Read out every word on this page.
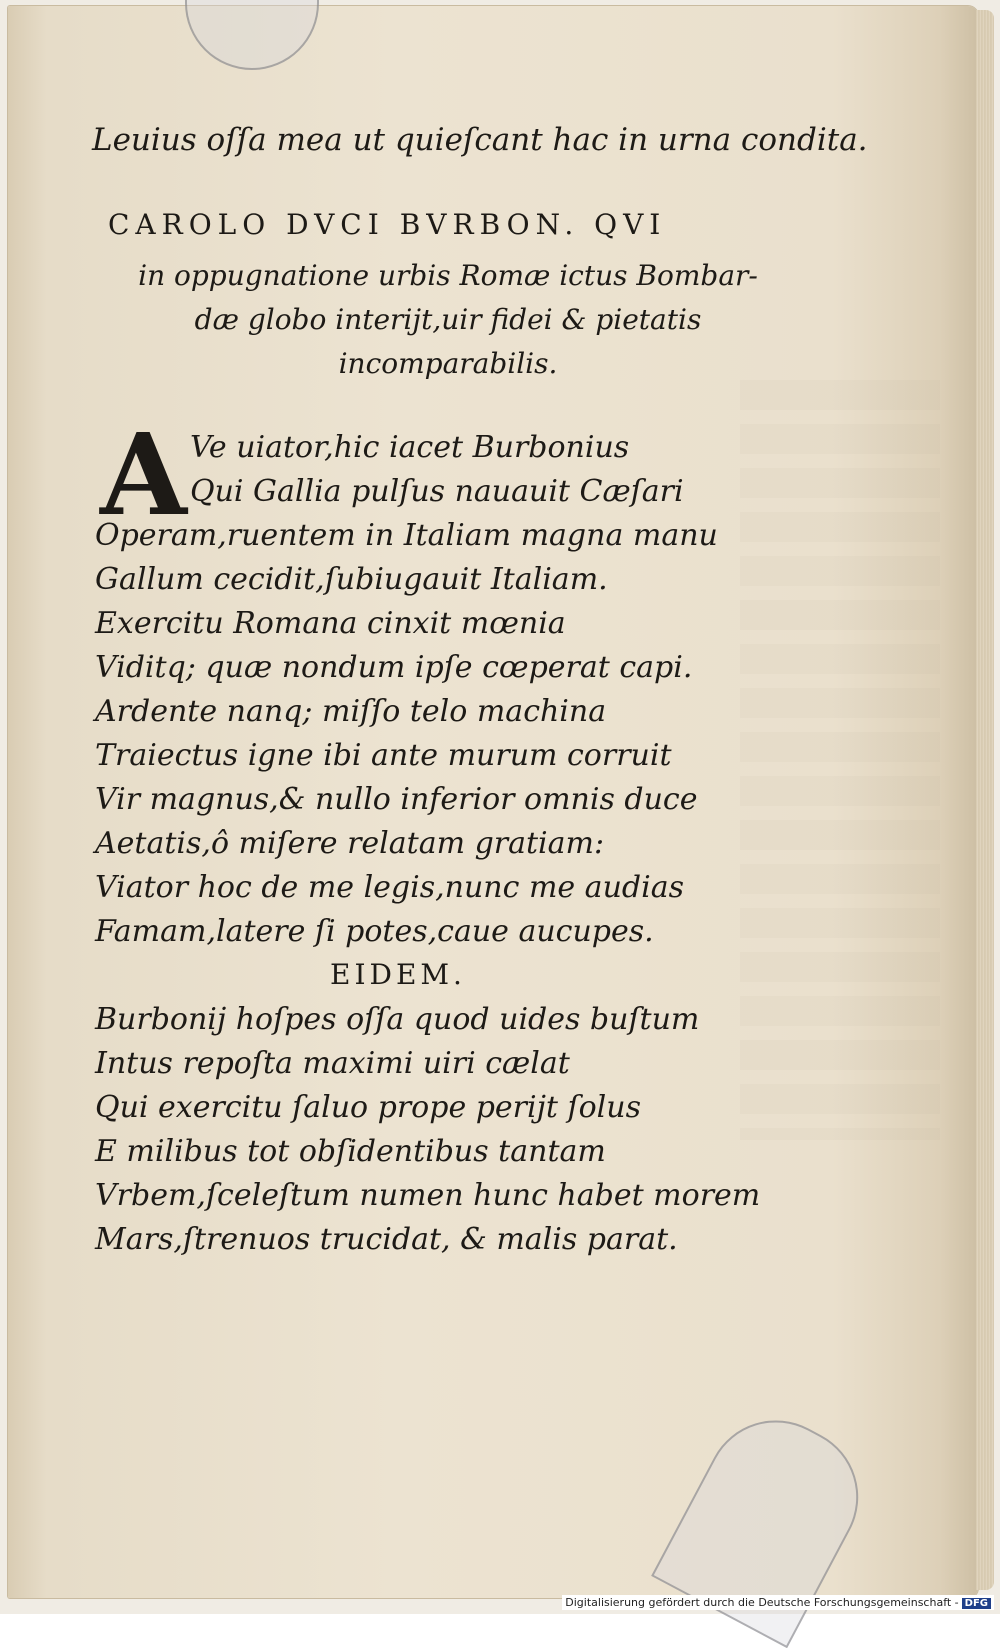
Leuius oſſa mea ut quieſcant hac in urna condita.
CAROLO DVCI BVRBON. QVI
in oppugnatione urbis Romæ ictus Bombar-
dæ globo interijt,uir fidei & pietatis
incomparabilis.
A Ve uiator,hic iacet Burbonius
Qui Gallia pulſus nauauit Cæſari
Operam,ruentem in Italiam magna manu
Gallum cecidit,ſubiugauit Italiam.
Exercitu Romana cinxit mœnia
Viditq; quæ nondum ipſe cœperat capi.
Ardente nanq; miſſo telo machina
Traiectus igne ibi ante murum corruit
Vir magnus,& nullo inferior omnis duce
Aetatis,ô miſere relatam gratiam:
Viator hoc de me legis,nunc me audias
Famam,latere ſi potes,caue aucupes.
EIDEM.
Burbonij hoſpes oſſa quod uides buſtum
Intus repoſta maximi uiri cælat
Qui exercitu ſaluo prope perijt ſolus
E milibus tot obſidentibus tantam
Vrbem,ſceleſtum numen hunc habet morem
Mars,ſtrenuos trucidat, & malis parat.
Digitalisierung gefördert durch die Deutsche Forschungsgemeinschaft - DFG
